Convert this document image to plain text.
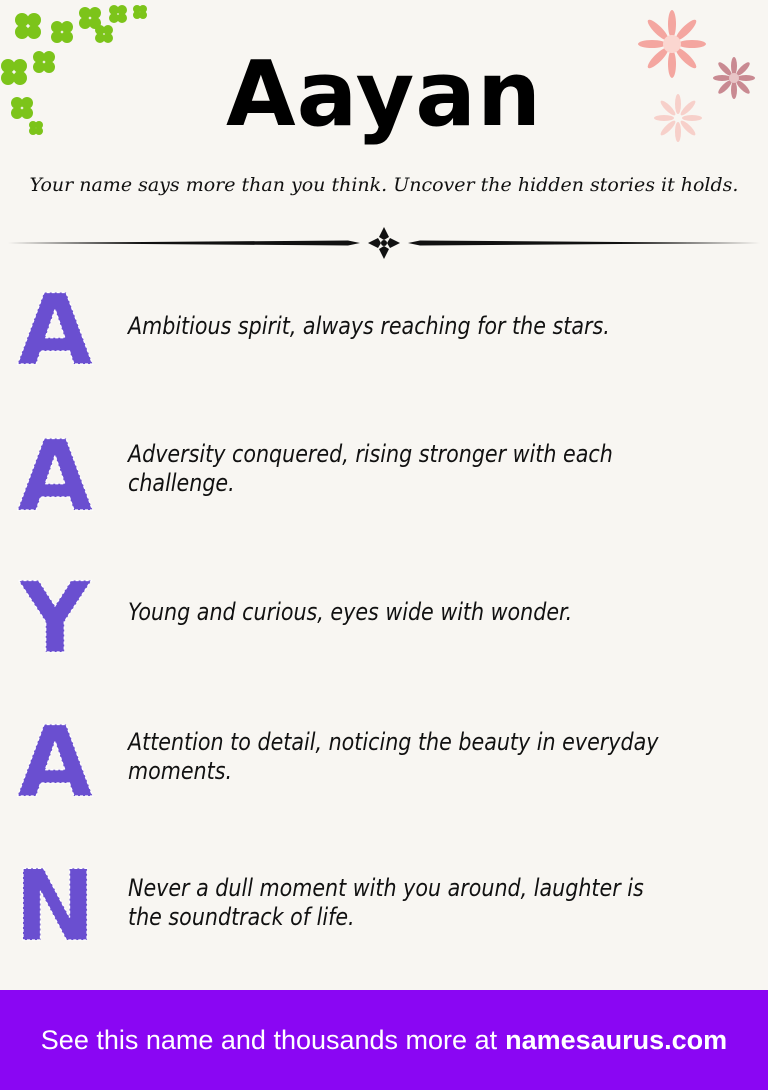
Aayan
Your name says more than you think. Uncover the hidden stories it holds.
A Ambitious spirit, always reaching for the stars.
A Adversity conquered, rising stronger with each challenge.
Y Young and curious, eyes wide with wonder.
A Attention to detail, noticing the beauty in everyday moments.
N Never a dull moment with you around, laughter is the soundtrack of life.
See this name and thousands more at namesaurus.com
